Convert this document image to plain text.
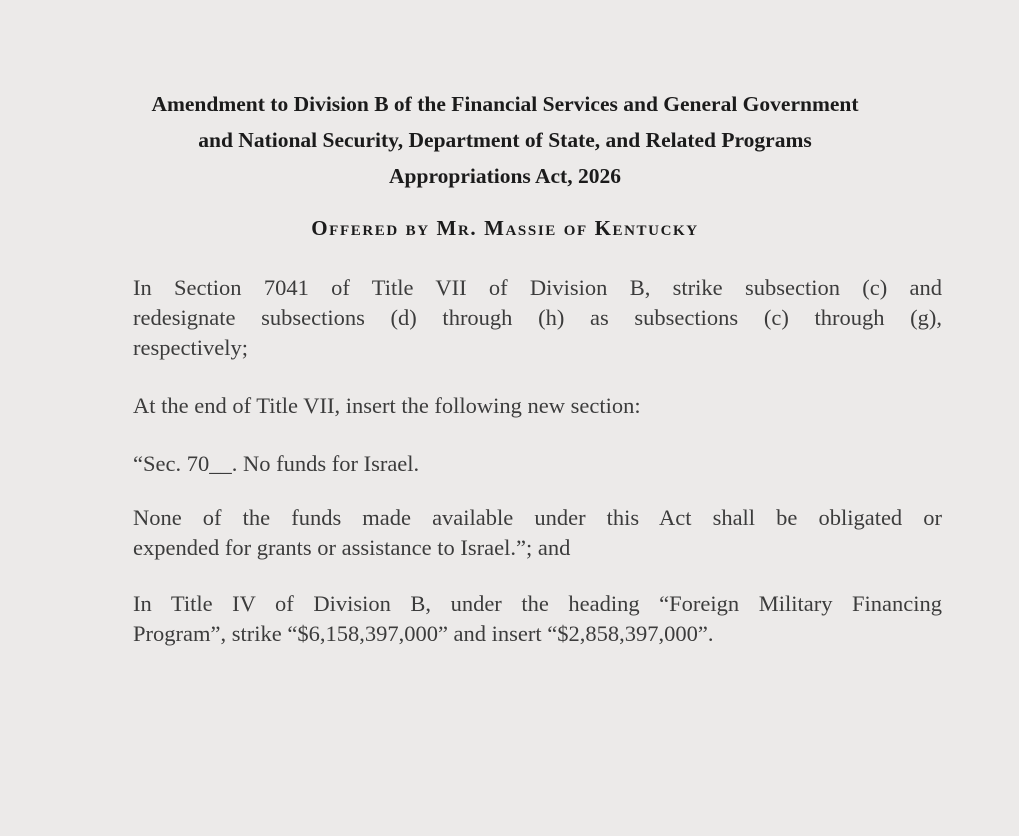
Amendment to Division B of the Financial Services and General Government
and National Security, Department of State, and Related Programs
Appropriations Act, 2026
Offered by Mr. Massie of Kentucky
In Section 7041 of Title VII of Division B, strike subsection (c) and
redesignate subsections (d) through (h) as subsections (c) through (g),
respectively;
At the end of Title VII, insert the following new section:
“Sec. 70__. No funds for Israel.
None of the funds made available under this Act shall be obligated or
expended for grants or assistance to Israel.”; and
In Title IV of Division B, under the heading “Foreign Military Financing
Program”, strike “$6,158,397,000” and insert “$2,858,397,000”.
